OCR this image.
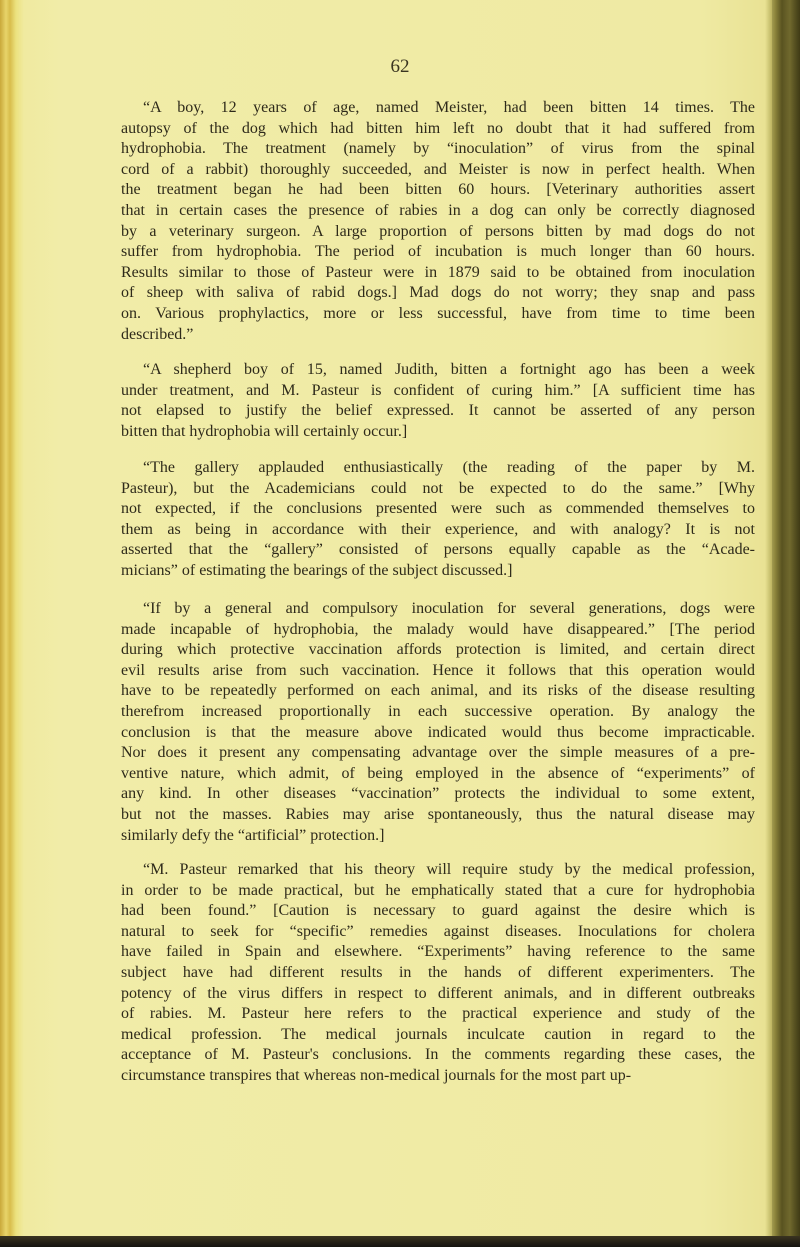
62
“A boy, 12 years of age, named Meister, had been bitten 14 times. The
autopsy of the dog which had bitten him left no doubt that it had suffered from
hydrophobia. The treatment (namely by “inoculation” of virus from the spinal
cord of a rabbit) thoroughly succeeded, and Meister is now in perfect health. When
the treatment began he had been bitten 60 hours. [Veterinary authorities assert
that in certain cases the presence of rabies in a dog can only be correctly diagnosed
by a veterinary surgeon. A large proportion of persons bitten by mad dogs do not
suffer from hydrophobia. The period of incubation is much longer than 60 hours.
Results similar to those of Pasteur were in 1879 said to be obtained from inoculation
of sheep with saliva of rabid dogs.] Mad dogs do not worry; they snap and pass
on. Various prophylactics, more or less successful, have from time to time been
described.”
“A shepherd boy of 15, named Judith, bitten a fortnight ago has been a week
under treatment, and M. Pasteur is confident of curing him.” [A sufficient time has
not elapsed to justify the belief expressed. It cannot be asserted of any person
bitten that hydrophobia will certainly occur.]
“The gallery applauded enthusiastically (the reading of the paper by M.
Pasteur), but the Academicians could not be expected to do the same.” [Why
not expected, if the conclusions presented were such as commended themselves to
them as being in accordance with their experience, and with analogy? It is not
asserted that the “gallery” consisted of persons equally capable as the “Acade-
micians” of estimating the bearings of the subject discussed.]
“If by a general and compulsory inoculation for several generations, dogs were
made incapable of hydrophobia, the malady would have disappeared.” [The period
during which protective vaccination affords protection is limited, and certain direct
evil results arise from such vaccination. Hence it follows that this operation would
have to be repeatedly performed on each animal, and its risks of the disease resulting
therefrom increased proportionally in each successive operation. By analogy the
conclusion is that the measure above indicated would thus become impracticable.
Nor does it present any compensating advantage over the simple measures of a pre-
ventive nature, which admit, of being employed in the absence of “experiments” of
any kind. In other diseases “vaccination” protects the individual to some extent,
but not the masses. Rabies may arise spontaneously, thus the natural disease may
similarly defy the “artificial” protection.]
“M. Pasteur remarked that his theory will require study by the medical profession,
in order to be made practical, but he emphatically stated that a cure for hydrophobia
had been found.” [Caution is necessary to guard against the desire which is
natural to seek for “specific” remedies against diseases. Inoculations for cholera
have failed in Spain and elsewhere. “Experiments” having reference to the same
subject have had different results in the hands of different experimenters. The
potency of the virus differs in respect to different animals, and in different outbreaks
of rabies. M. Pasteur here refers to the practical experience and study of the
medical profession. The medical journals inculcate caution in regard to the
acceptance of M. Pasteur's conclusions. In the comments regarding these cases, the
circumstance transpires that whereas non-medical journals for the most part up-
